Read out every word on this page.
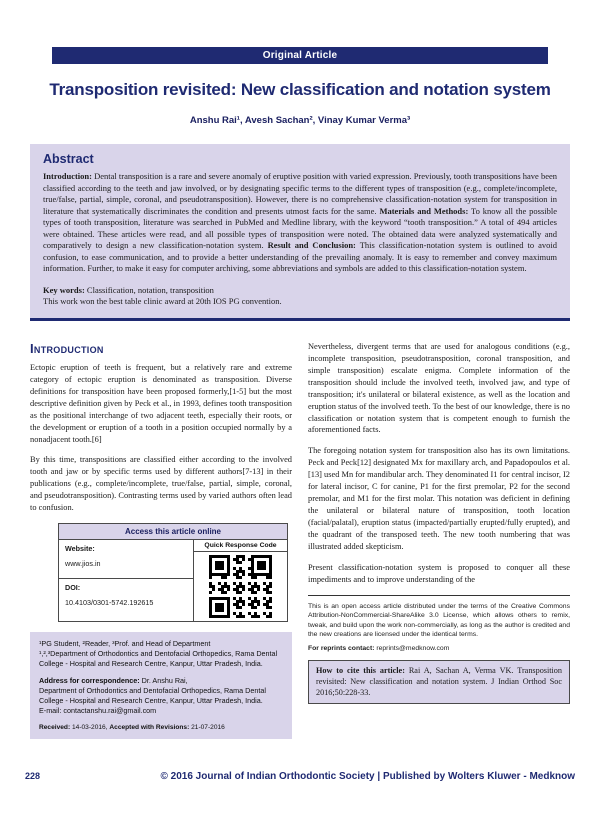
Original Article
Transposition revisited: New classification and notation system
Anshu Rai¹, Avesh Sachan², Vinay Kumar Verma³
Abstract

Introduction: Dental transposition is a rare and severe anomaly of eruptive position with varied expression. Previously, tooth transpositions have been classified according to the teeth and jaw involved, or by designating specific terms to the different types of transposition (e.g., complete/incomplete, true/false, partial, simple, coronal, and pseudotransposition). However, there is no comprehensive classification-notation system for transposition in literature that systematically discriminates the condition and presents utmost facts for the same. Materials and Methods: To know all the possible types of tooth transposition, literature was searched in PubMed and Medline library, with the keyword “tooth transposition.” A total of 494 articles were obtained. These articles were read, and all possible types of transposition were noted. The obtained data were analyzed systematically and comparatively to design a new classification-notation system. Result and Conclusion: This classification-notation system is outlined to avoid confusion, to ease communication, and to provide a better understanding of the prevailing anomaly. It is easy to remember and convey maximum information. Further, to make it easy for computer archiving, some abbreviations and symbols are added to this classification-notation system.

Key words: Classification, notation, transposition

This work won the best table clinic award at 20th IOS PG convention.

Introduction

Ectopic eruption of teeth is frequent, but a relatively rare and extreme category of ectopic eruption is denominated as transposition. Diverse definitions for transposition have been proposed formerly,[1-5] but the most descriptive definition given by Peck et al., in 1993, defines tooth transposition as the positional interchange of two adjacent teeth, especially their roots, or the development or eruption of a tooth in a position occupied normally by a nonadjacent tooth.[6]

By this time, transpositions are classified either according to the involved tooth and jaw or by specific terms used by different authors[7-13] in their publications (e.g., complete/incomplete, true/false, partial, simple, coronal, and pseudotransposition). Contrasting terms used by varied authors often lead to confusion.

Access this article online
Website:
www.jios.in
DOI:
10.4103/0301-5742.192615
Quick Response Code

¹PG Student, ²Reader, ³Prof. and Head of Department
¹,²,³Department of Orthodontics and Dentofacial Orthopedics, Rama Dental College - Hospital and Research Centre, Kanpur, Uttar Pradesh, India.

Address for correspondence: Dr. Anshu Rai,
Department of Orthodontics and Dentofacial Orthopedics, Rama Dental College - Hospital and Research Centre, Kanpur, Uttar Pradesh, India.
E-mail: contactanshu.rai@gmail.com

Received: 14-03-2016, Accepted with Revisions: 21-07-2016

Nevertheless, divergent terms that are used for analogous conditions (e.g., incomplete transposition, pseudotransposition, coronal transposition, and simple transposition) escalate enigma. Complete information of the transposition should include the involved teeth, involved jaw, and type of transposition; it's unilateral or bilateral existence, as well as the location and eruption status of the involved teeth. To the best of our knowledge, there is no classification or notation system that is competent enough to furnish the aforementioned facts.

The foregoing notation system for transposition also has its own limitations. Peck and Peck[12] designated Mx for maxillary arch, and Papadopoulos et al.[13] used Mn for mandibular arch. They denominated I1 for central incisor, I2 for lateral incisor, C for canine, P1 for the first premolar, P2 for the second premolar, and M1 for the first molar. This notation was deficient in defining the unilateral or bilateral nature of transposition, tooth location (facial/palatal), eruption status (impacted/partially erupted/fully erupted), and the quadrant of the transposed teeth. The new tooth numbering that was illustrated added skepticism.

Present classification-notation system is proposed to conquer all these impediments and to improve understanding of the

This is an open access article distributed under the terms of the Creative Commons Attribution-NonCommercial-ShareAlike 3.0 License, which allows others to remix, tweak, and build upon the work non-commercially, as long as the author is credited and the new creations are licensed under the identical terms.

For reprints contact: reprints@medknow.com

How to cite this article: Rai A, Sachan A, Verma VK. Transposition revisited: New classification and notation system. J Indian Orthod Soc 2016;50:228-33.
228	© 2016 Journal of Indian Orthodontic Society | Published by Wolters Kluwer - Medknow
